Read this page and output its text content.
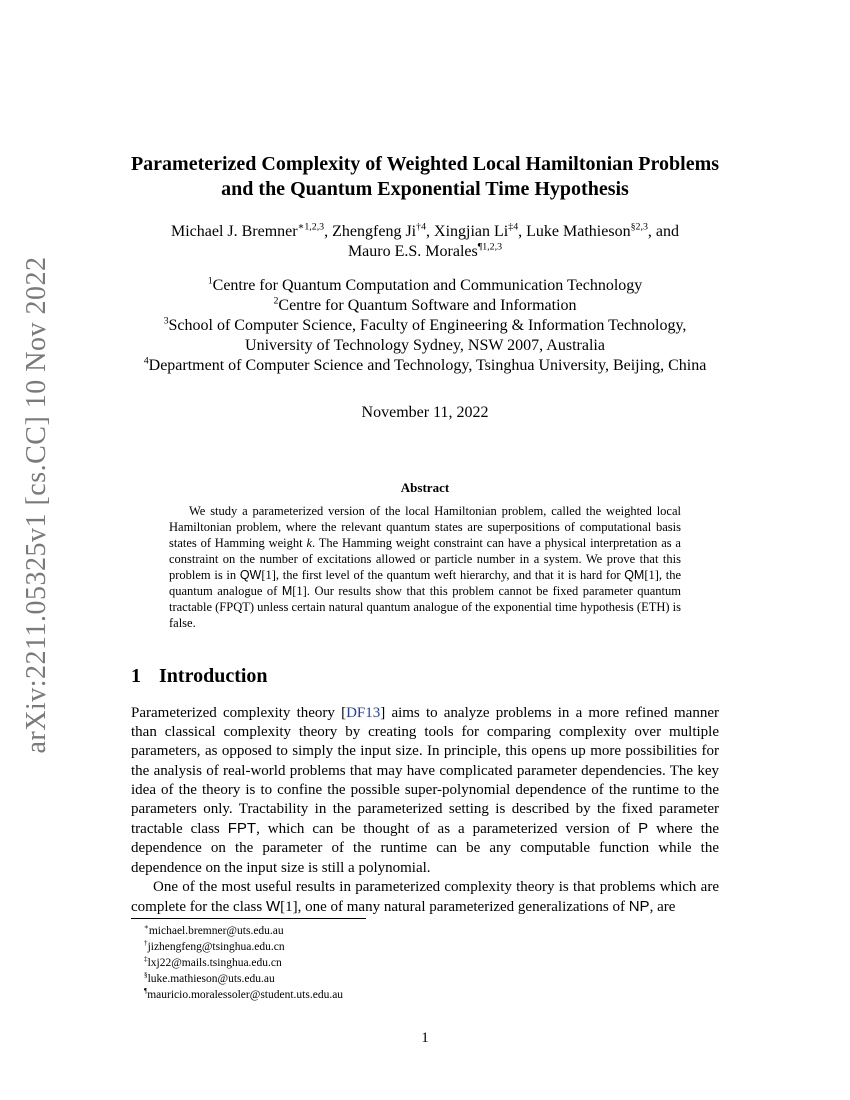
arXiv:2211.05325v1 [cs.CC] 10 Nov 2022
Parameterized Complexity of Weighted Local Hamiltonian Problems
and the Quantum Exponential Time Hypothesis
Michael J. Bremner$^{∗1,2,3}$, Zhengfeng Ji$^{\dagger 4}$, Xingjian Li$^{\ddagger 4}$, Luke Mathieson$^{\S 2,3}$, and
Mauro E.S. Morales$^{\P 1,2,3}$
$^1$Centre for Quantum Computation and Communication Technology
$^2$Centre for Quantum Software and Information
$^3$School of Computer Science, Faculty of Engineering & Information Technology,
University of Technology Sydney, NSW 2007, Australia
$^4$Department of Computer Science and Technology, Tsinghua University, Beijing, China
November 11, 2022
Abstract

We study a parameterized version of the local Hamiltonian problem, called the weighted local Hamiltonian problem, where the relevant quantum states are superpositions of computational basis states of Hamming weight k. The Hamming weight constraint can have a physical interpretation as a constraint on the number of excitations allowed or particle number in a system. We prove that this problem is in QW[1], the first level of the quantum weft hierarchy, and that it is hard for QM[1], the quantum analogue of M[1]. Our results show that this problem cannot be fixed parameter quantum tractable (FPQT) unless certain natural quantum analogue of the exponential time hypothesis (ETH) is false.

1 Introduction

Parameterized complexity theory [DF13] aims to analyze problems in a more refined manner than classical complexity theory by creating tools for comparing complexity over multiple parameters, as opposed to simply the input size. In principle, this opens up more possibilities for the analysis of real-world problems that may have complicated parameter dependencies. The key idea of the theory is to confine the possible super-polynomial dependence of the runtime to the parameters only. Tractability in the parameterized setting is described by the fixed parameter tractable class FPT, which can be thought of as a parameterized version of P where the dependence on the parameter of the runtime can be any computable function while the dependence on the input size is still a polynomial.

One of the most useful results in parameterized complexity theory is that problems which are complete for the class W[1], one of many natural parameterized generalizations of NP, are

∗michael.bremner@uts.edu.au
†jizhengfeng@tsinghua.edu.cn
‡lxj22@mails.tsinghua.edu.cn
§luke.mathieson@uts.edu.au
¶mauricio.moralessoler@student.uts.edu.au
1
